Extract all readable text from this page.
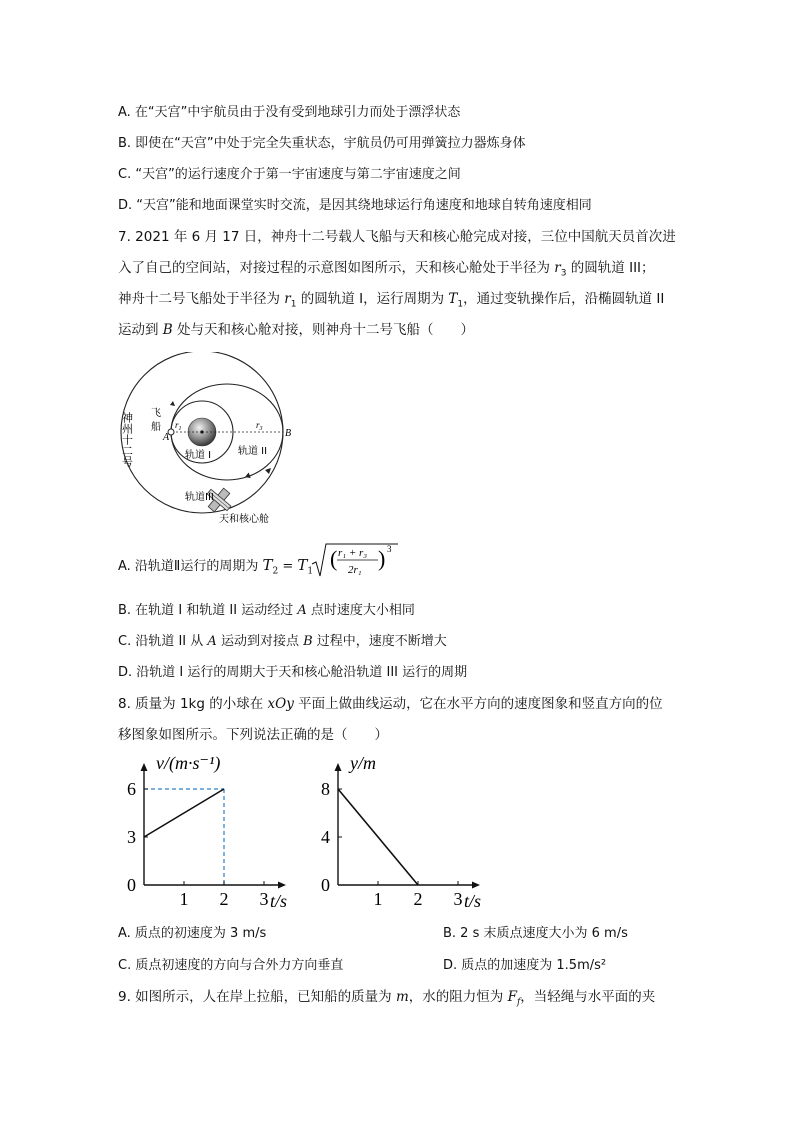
A. 在“天宫”中宇航员由于没有受到地球引力而处于漂浮状态
B. 即使在“天宫”中处于完全失重状态，宇航员仍可用弹簧拉力器炼身体
C. “天宫”的运行速度介于第一宇宙速度与第二宇宙速度之间
D. “天宫”能和地面课堂实时交流，是因其绕地球运行角速度和地球自转角速度相同
7. 2021 年 6 月 17 日，神舟十二号载人飞船与天和核心舱完成对接，三位中国航天员首次进
入了自己的空间站，对接过程的示意图如图所示，天和核心舱处于半径为 $r_3$ 的圆轨道 III；
神舟十二号飞船处于半径为 $r_1$ 的圆轨道 I，运行周期为 $T_1$，通过变轨操作后，沿椭圆轨道 II
运动到 B 处与天和核心舱对接，则神舟十二号飞船（　　）
神州十二号 飞
船
A	B
$r_1$	$r_3$
轨道 I	轨道 II
轨道III
天和核心舱
A. 沿轨道Ⅱ运行的周期为 $T_2 = T_1$
( r₁ + r₃
2r₁ ) 3
B. 在轨道 I 和轨道 II 运动经过 A 点时速度大小相同
C. 沿轨道 II 从 A 运动到对接点 B 过程中，速度不断增大
D. 沿轨道 I 运行的周期大于天和核心舱沿轨道 III 运行的周期
8. 质量为 1kg 的小球在 xOy 平面上做曲线运动，它在水平方向的速度图象和竖直方向的位
移图象如图所示。下列说法正确的是（　　）
1 2 3
0
3
6
v/(m·s⁻¹)
t/s	1 2 3
0
4
8
y/m
t/s
A. 质点的初速度为 3 m/s	B. 2 s 末质点速度大小为 6 m/s
C. 质点初速度的方向与合外力方向垂直	D. 质点的加速度为 1.5m/s²
9. 如图所示，人在岸上拉船，已知船的质量为 m，水的阻力恒为 $F_f$，当轻绳与水平面的夹
